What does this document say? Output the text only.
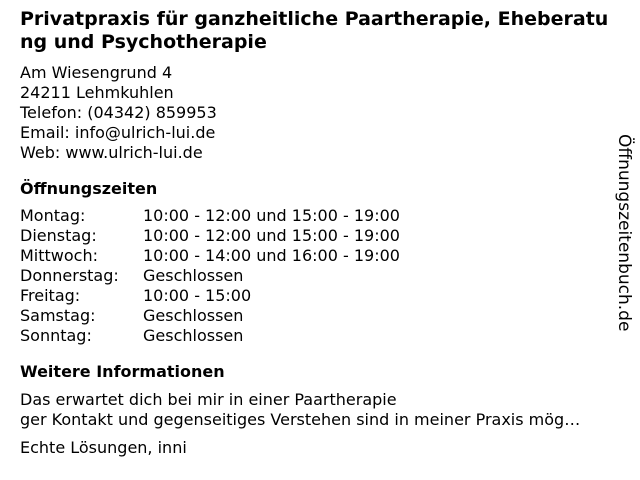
Privatpraxis für ganzheitliche Paartherapie, Eheberatung und Psychotherapie
Am Wiesengrund 4
24211 Lehmkuhlen
Telefon: (04342) 859953
Email: info@ulrich-lui.de
Web: www.ulrich-lui.de
Öffnungszeiten
Montag:	10:00 - 12:00 und 15:00 - 19:00
Dienstag:	10:00 - 12:00 und 15:00 - 19:00
Mittwoch:	10:00 - 14:00 und 16:00 - 19:00
Donnerstag:	Geschlossen
Freitag:	10:00 - 15:00
Samstag:	Geschlossen
Sonntag:	Geschlossen
Weitere Informationen
Das erwartet dich bei mir in einer Paartherapie
ger Kontakt und gegenseitiges Verstehen sind in meiner Praxis mög…
Echte Lösungen, inni
Öffnungszeitenbuch.de
